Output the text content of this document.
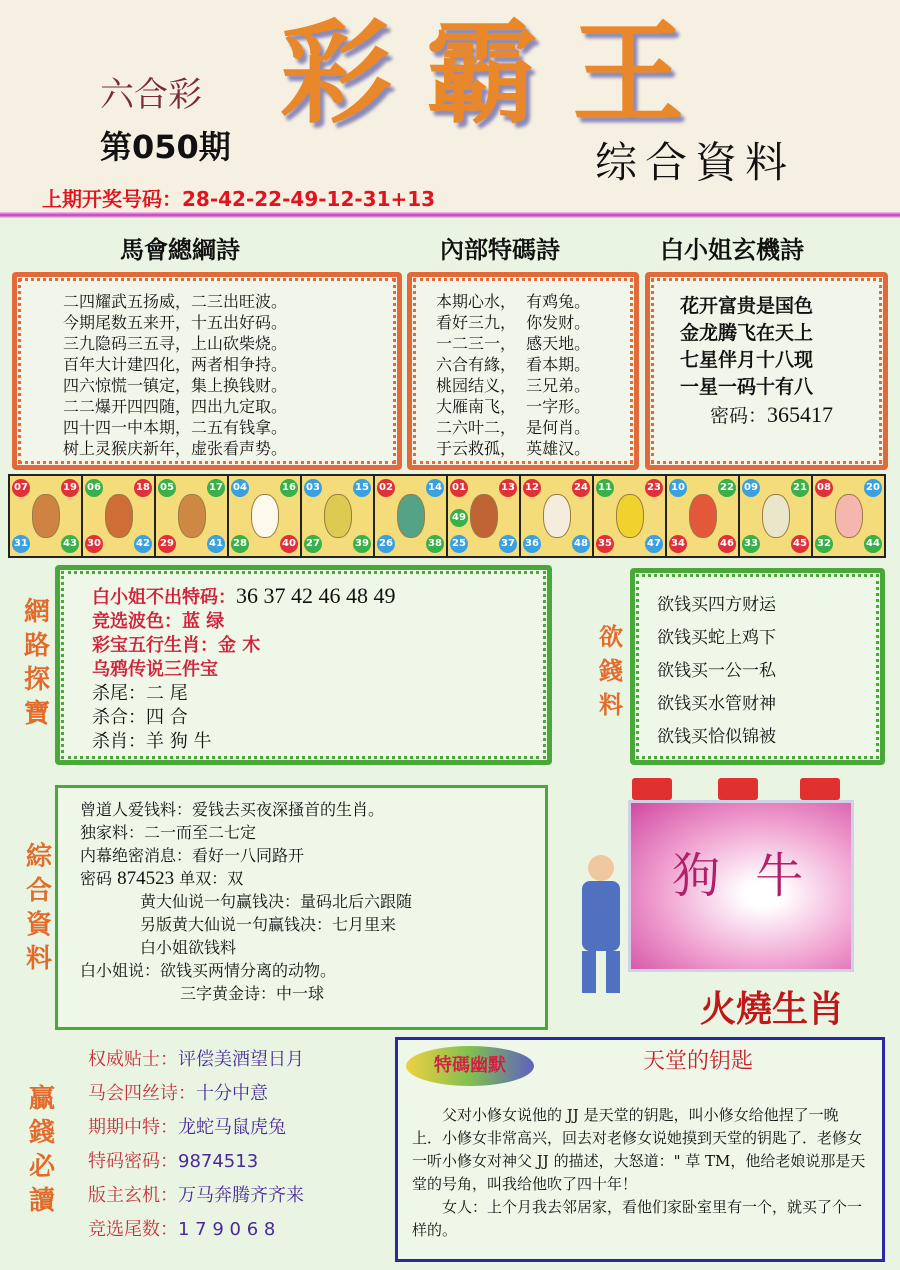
六合彩
第050期
彩霸王
综合資料
上期开奖号码：28-42-22-49-12-31+13
馬會總綱詩	內部特碼詩	白小姐玄機詩
二四耀武五扬威，二三出旺波。
今期尾数五来开，十五出好码。
三九隐码三五寻，上山砍柴烧。
百年大计建四化，两者相争持。
四六惊慌一镇定，集上换钱财。
二二爆开四四随，四出九定取。
四十四一中本期，二五有钱拿。
树上灵猴庆新年，虚张看声势。
本期心水，  有鸡兔。
看好三九，  你发财。
一二三一，  感天地。
六合有緣，  看本期。
桃园结义，  三兄弟。
大雁南飞，  一字形。
二六叶二，  是何肖。
于云救孤，  英雄汉。
花开富贵是国色
金龙腾飞在天上
七星伴月十八现
一星一码十有八
密码：365417
07	19
31	43
06	18
30	42
05	17
29	41
04	16
28	40
03	15
27	39
02	14
26	38
01	13
25	37
49
12	24
36	48
11	23
35	47
10	22
34	46
09	21
33	45
08	20
32	44
網路探寶
白小姐不出特码：36 37 42 46 48 49
竞选波色：蓝 绿
彩宝五行生肖：金 木
乌鸦传说三件宝
杀尾：二 尾
杀合：四 合
杀肖：羊 狗 牛
欲錢料
欲钱买四方财运
欲钱买蛇上鸡下
欲钱买一公一私
欲钱买水管财神
欲钱买恰似锦被
綜合資料
曾道人爱钱料：爱钱去买夜深搔首的生肖。
独家料：二一而至二七定
内幕绝密消息：看好一八同路开
密码 874523 单双：双
黄大仙说一句赢钱决：量码北后六跟随
另版黄大仙说一句赢钱决：七月里来
白小姐欲钱料
白小姐说：欲钱买两情分离的动物。
三字黄金诗：中一球
狗 牛
火燒生肖
贏錢必讀
权威贴士：评偿美酒望日月
马会四丝诗：十分中意
期期中特：龙蛇马鼠虎兔
特码密码：9874513
版主玄机：万马奔腾齐齐来
竞选尾数：1 7 9 0 6 8
特碼幽默	天堂的钥匙
父对小修女说他的 JJ 是天堂的钥匙，叫小修女给他捏了一晚上．小修女非常高兴，回去对老修女说她摸到天堂的钥匙了．老修女一听小修女对神父 JJ 的描述，大怒道：" 草 TM，他给老娘说那是天堂的号角，叫我给他吹了四十年！
女人：上个月我去邻居家，看他们家卧室里有一个，就买了个一样的。
